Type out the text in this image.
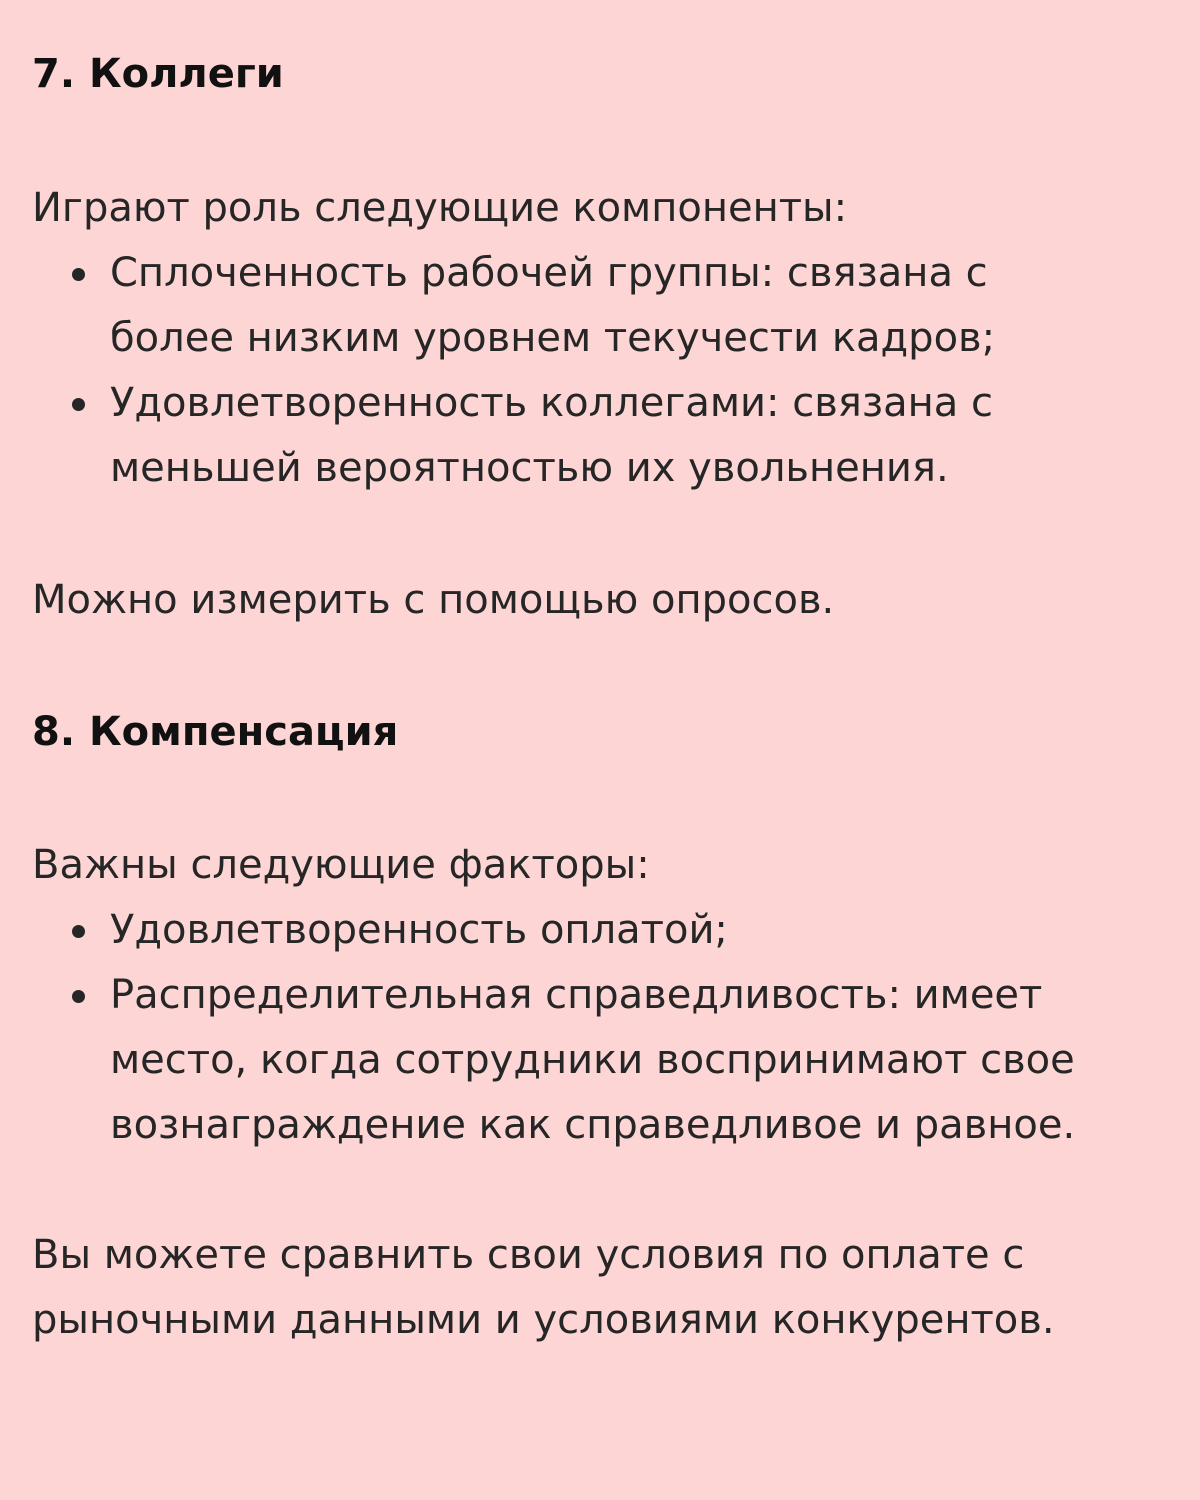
7. Коллеги

Играют роль следующие компоненты:

Сплоченность рабочей группы: связана с
более низким уровнем текучести кадров;
Удовлетворенность коллегами: связана с
меньшей вероятностью их увольнения.

Можно измерить с помощью опросов.

8. Компенсация

Важны следующие факторы:

Удовлетворенность оплатой;
Распределительная справедливость: имеет
место, когда сотрудники воспринимают свое
вознаграждение как справедливое и равное.

Вы можете сравнить свои условия по оплате с
рыночными данными и условиями конкурентов.
